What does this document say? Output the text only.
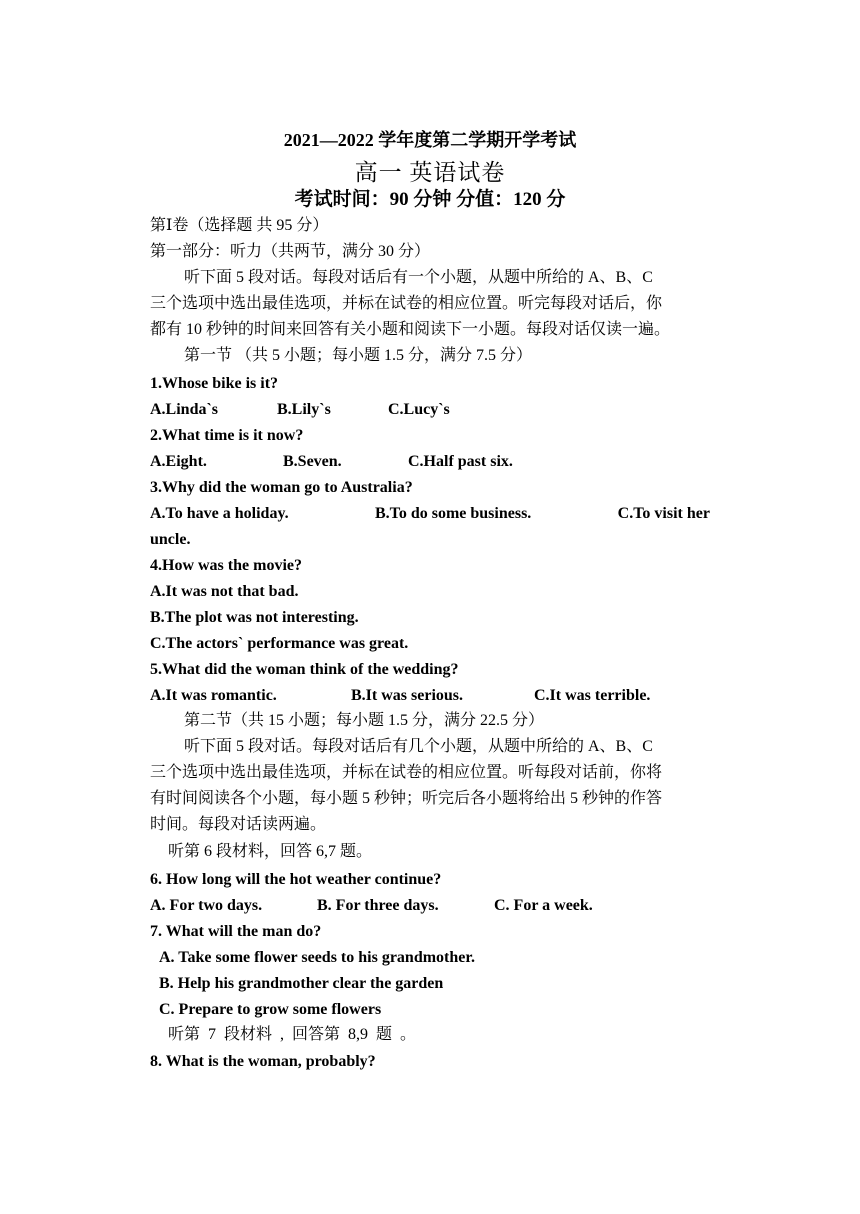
2021—2022 学年度第二学期开学考试
高一 英语试卷
考试时间：90 分钟 分值：120 分
第Ⅰ卷（选择题 共 95 分）
第一部分：听力（共两节，满分 30 分）
听下面 5 段对话。每段对话后有一个小题，从题中所给的 A、B、C
三个选项中选出最佳选项，并标在试卷的相应位置。听完每段对话后，你
都有 10 秒钟的时间来回答有关小题和阅读下一小题。每段对话仅读一遍。
第一节 （共 5 小题；每小题 1.5 分，满分 7.5 分）
1.Whose bike is it?
A.Linda`s	B.Lily`s	C.Lucy`s
2.What time is it now?
A.Eight.	B.Seven.	C.Half past six.
3.Why did the woman go to Australia?
A.To have a holiday.	B.To do some business.	C.To visit her
uncle.
4.How was the movie?
A.It was not that bad.
B.The plot was not interesting.
C.The actors` performance was great.
5.What did the woman think of the wedding?
A.It was romantic.	B.It was serious.	C.It was terrible.
第二节（共 15 小题；每小题 1.5 分，满分 22.5 分）
听下面 5 段对话。每段对话后有几个小题，从题中所给的 A、B、C
三个选项中选出最佳选项，并标在试卷的相应位置。听每段对话前，你将
有时间阅读各个小题，每小题 5 秒钟；听完后各小题将给出 5 秒钟的作答
时间。每段对话读两遍。
听第 6 段材料，回答 6,7 题。
6. How long will the hot weather continue?
A. For two days.	B. For three days.	C. For a week.
7. What will the man do?
A. Take some flower seeds to his grandmother.
B. Help his grandmother clear the garden
C. Prepare to grow some flowers
听第  7  段材料  ,  回答第  8,9  题  。
8. What is the woman, probably?
